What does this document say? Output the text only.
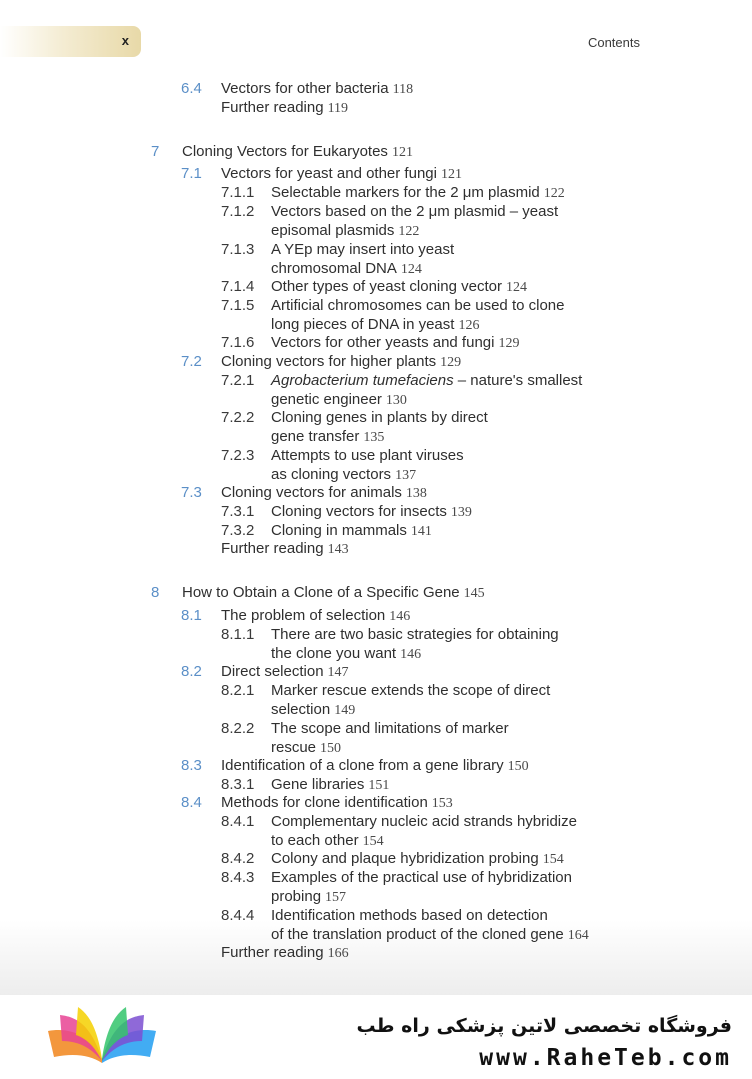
x	Contents
6.4 Vectors for other bacteria 118
Further reading 119
7 Cloning Vectors for Eukaryotes 121
7.1 Vectors for yeast and other fungi 121
7.1.1 Selectable markers for the 2 μm plasmid 122
7.1.2 Vectors based on the 2 μm plasmid – yeast
episomal plasmids 122
7.1.3 A YEp may insert into yeast
chromosomal DNA 124
7.1.4 Other types of yeast cloning vector 124
7.1.5 Artificial chromosomes can be used to clone
long pieces of DNA in yeast 126
7.1.6 Vectors for other yeasts and fungi 129
7.2 Cloning vectors for higher plants 129
7.2.1 Agrobacterium tumefaciens – nature's smallest
genetic engineer 130
7.2.2 Cloning genes in plants by direct
gene transfer 135
7.2.3 Attempts to use plant viruses
as cloning vectors 137
7.3 Cloning vectors for animals 138
7.3.1 Cloning vectors for insects 139
7.3.2 Cloning in mammals 141
Further reading 143
8 How to Obtain a Clone of a Specific Gene 145
8.1 The problem of selection 146
8.1.1 There are two basic strategies for obtaining
the clone you want 146
8.2 Direct selection 147
8.2.1 Marker rescue extends the scope of direct
selection 149
8.2.2 The scope and limitations of marker
rescue 150
8.3 Identification of a clone from a gene library 150
8.3.1 Gene libraries 151
8.4 Methods for clone identification 153
8.4.1 Complementary nucleic acid strands hybridize
to each other 154
8.4.2 Colony and plaque hybridization probing 154
8.4.3 Examples of the practical use of hybridization
probing 157
8.4.4 Identification methods based on detection
of the translation product of the cloned gene 164
Further reading 166
فروشگاه تخصصی لاتین پزشکی راه طب
www.RaheTeb.com
